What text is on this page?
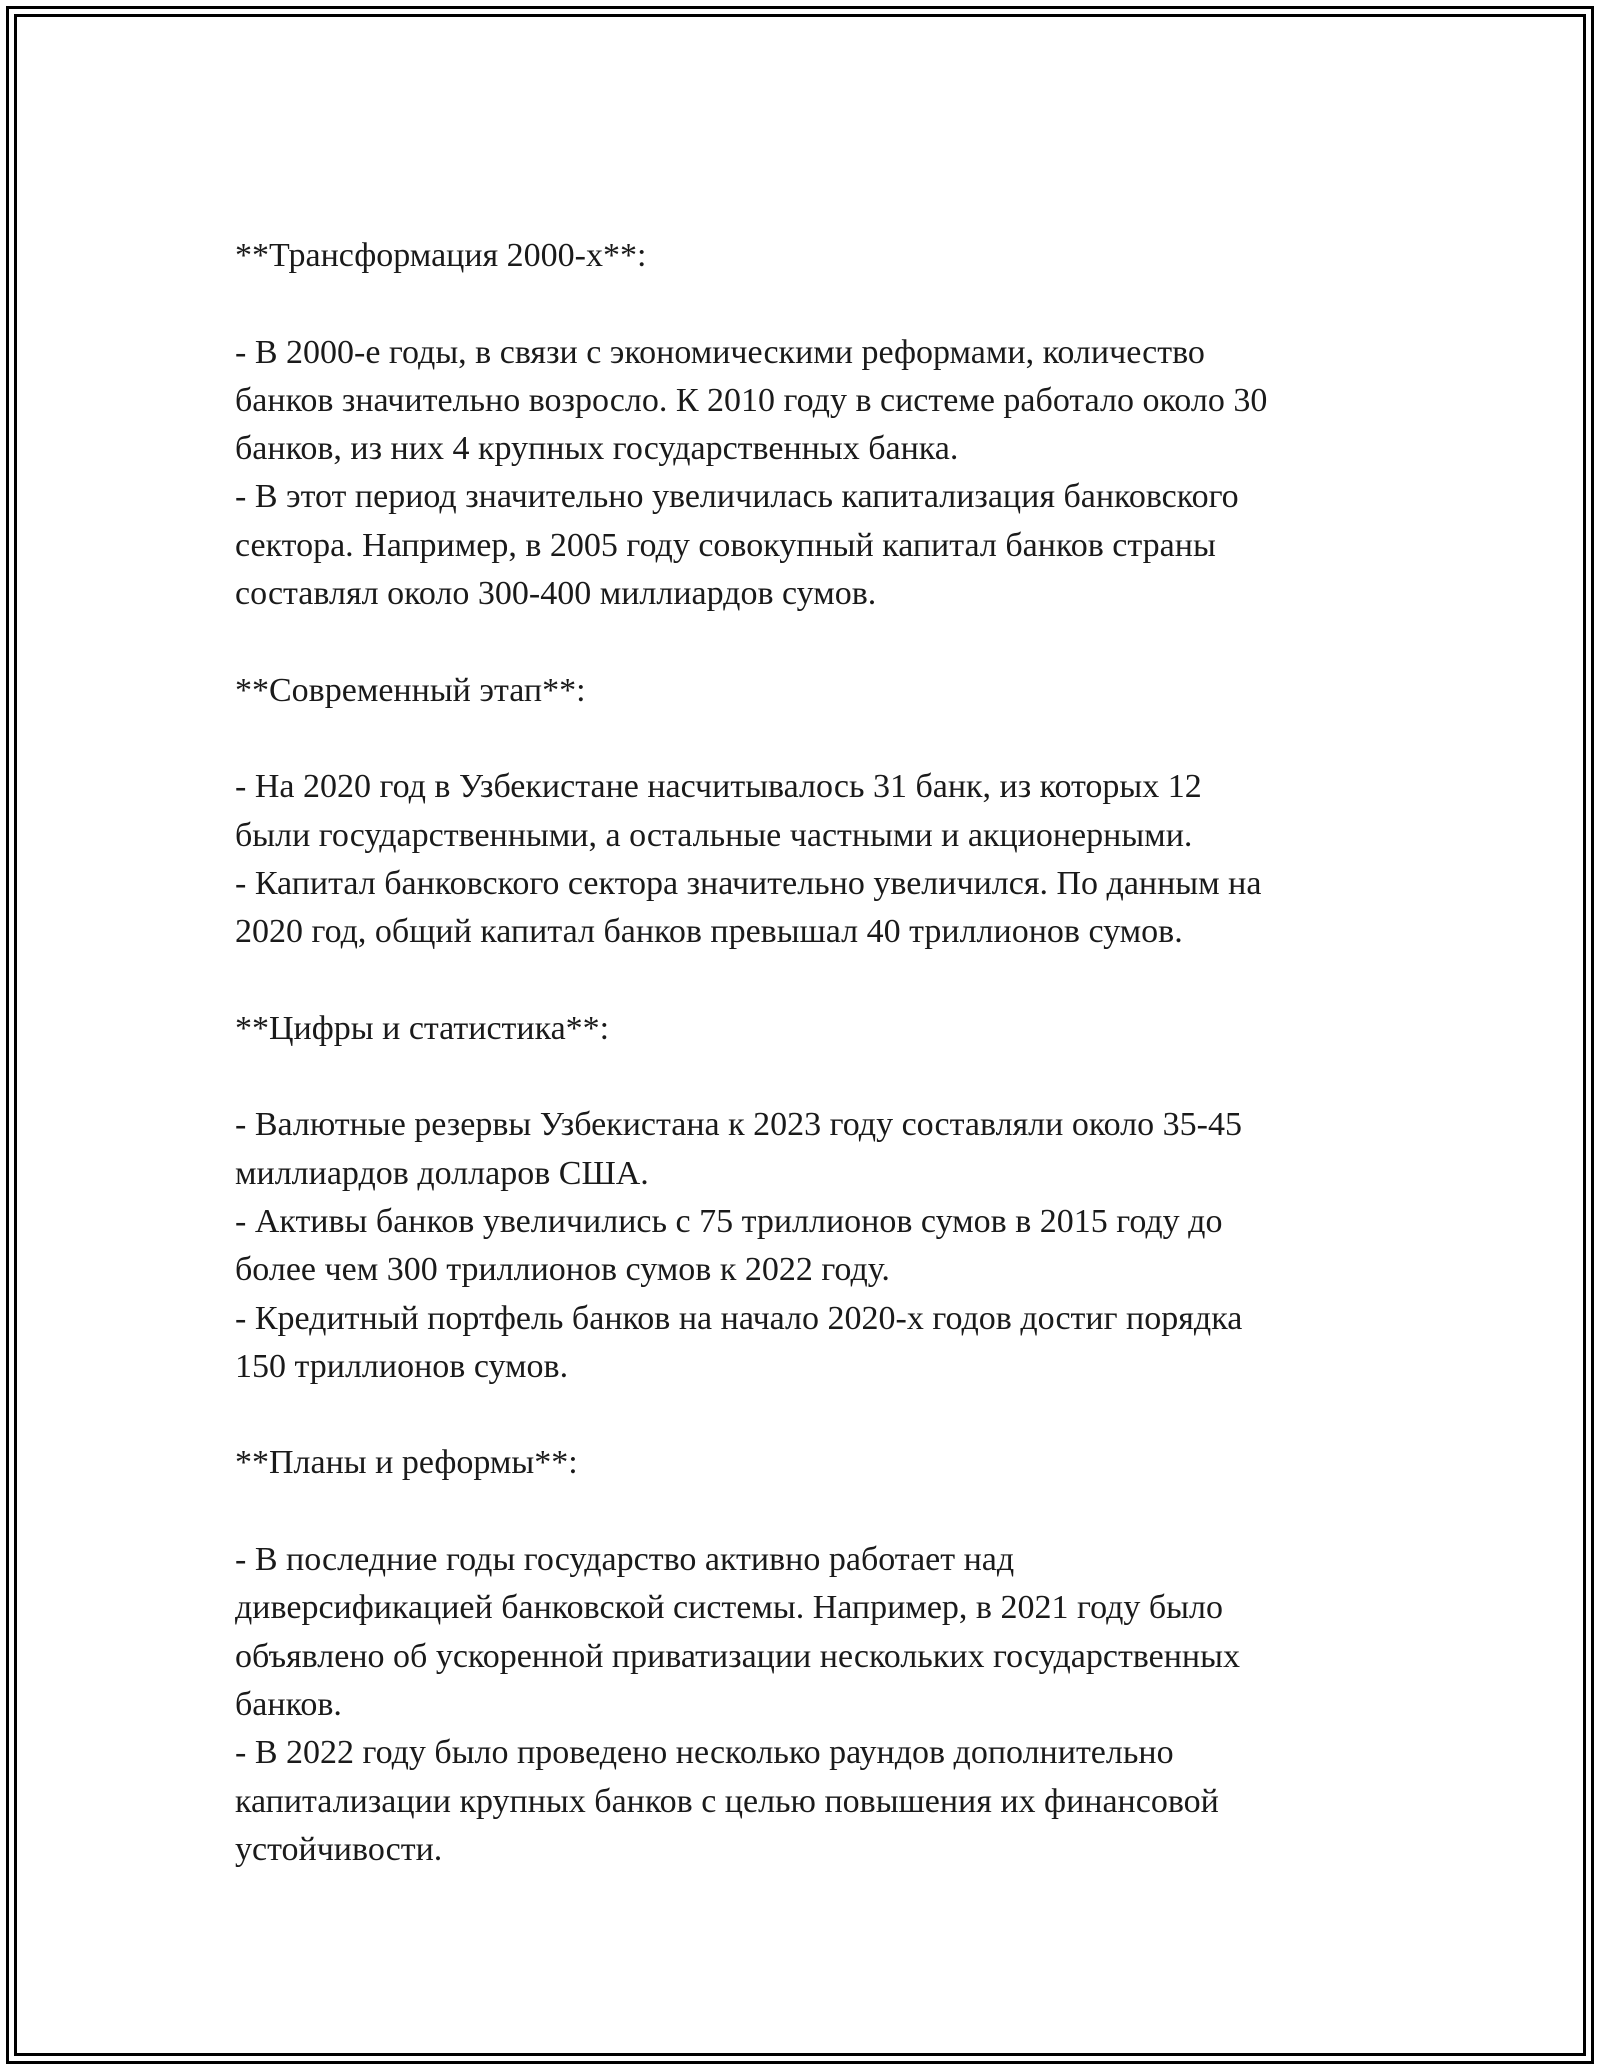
**Трансформация 2000-х**:

- В 2000-е годы, в связи с экономическими реформами, количество

банков значительно возросло. К 2010 году в системе работало около 30

банков, из них 4 крупных государственных банка.

- В этот период значительно увеличилась капитализация банковского

сектора. Например, в 2005 году совокупный капитал банков страны

составлял около 300-400 миллиардов сумов.

**Современный этап**:

- На 2020 год в Узбекистане насчитывалось 31 банк, из которых 12

были государственными, а остальные частными и акционерными.

- Капитал банковского сектора значительно увеличился. По данным на

2020 год, общий капитал банков превышал 40 триллионов сумов.

**Цифры и статистика**:

- Валютные резервы Узбекистана к 2023 году составляли около 35-45

миллиардов долларов США.

- Активы банков увеличились с 75 триллионов сумов в 2015 году до

более чем 300 триллионов сумов к 2022 году.

- Кредитный портфель банков на начало 2020-х годов достиг порядка

150 триллионов сумов.

**Планы и реформы**:

- В последние годы государство активно работает над

диверсификацией банковской системы. Например, в 2021 году было

объявлено об ускоренной приватизации нескольких государственных

банков.

- В 2022 году было проведено несколько раундов дополнительно

капитализации крупных банков с целью повышения их финансовой

устойчивости.
